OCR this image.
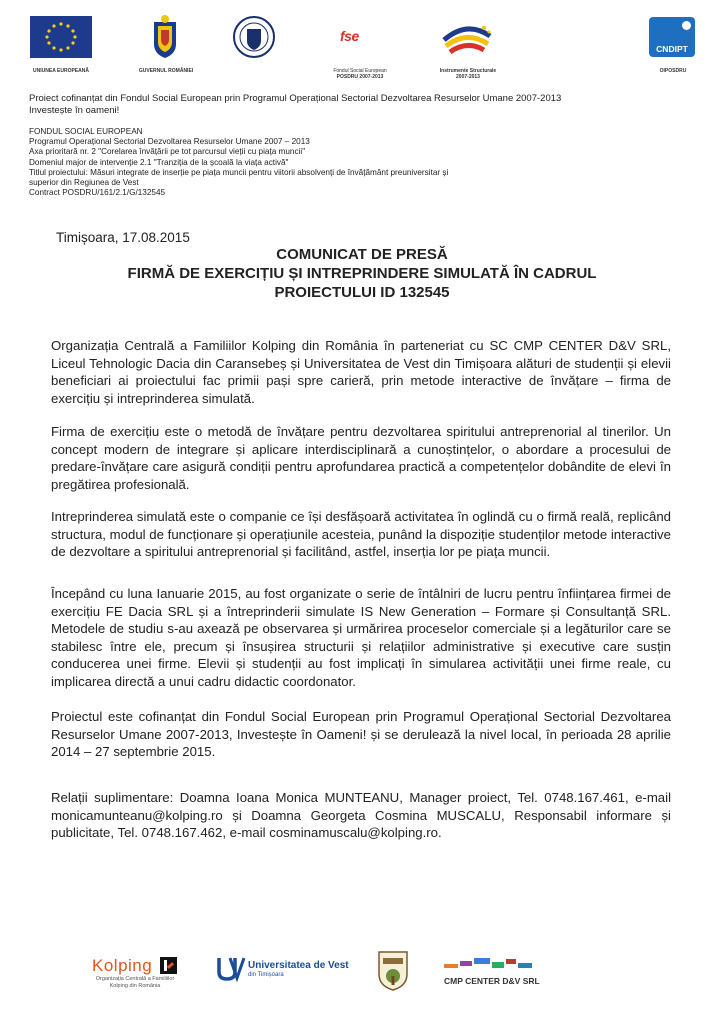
UNIUNEA EUROPEANĂ	GUVERNUL ROMÂNIEI
fse
Fondul Social European
POSDRU 2007-2013
Instrumente Structurale
2007-2013
CNDIPT
OIPOSDRU
Proiect cofinanțat din Fondul Social European prin Programul Operațional Sectorial Dezvoltarea Resurselor Umane 2007-2013
Investește în oameni!
FONDUL SOCIAL EUROPEAN
Programul Operațional Sectorial Dezvoltarea Resurselor Umane 2007 – 2013
Axa prioritară nr. 2 "Corelarea învățării pe tot parcursul vieții cu piața muncii"
Domeniul major de intervenție 2.1 "Tranziția de la școală la viața activă"
Titlul proiectului: Măsuri integrate de inserție pe piața muncii pentru viitorii absolvenți de învățământ preuniversitar și
superior din Regiunea de Vest
Contract POSDRU/161/2.1/G/132545
Timișoara, 17.08.2015
COMUNICAT DE PRESĂ
FIRMĂ DE EXERCIȚIU ȘI INTREPRINDERE SIMULATĂ ÎN CADRUL
PROIECTULUI ID 132545
Organizația Centrală a Familiilor Kolping din România în parteneriat cu SC CMP CENTER D&V SRL, Liceul Tehnologic Dacia din Caransebeș și Universitatea de Vest din Timișoara alături de studenții și elevii beneficiari ai proiectului fac primii pași spre carieră, prin metode interactive de învățare – firma de exercițiu și intreprinderea simulată.
Firma de exercițiu este o metodă de învățare pentru dezvoltarea spiritului antreprenorial al tinerilor. Un concept modern de integrare și aplicare interdisciplinară a cunoștințelor, o abordare a procesului de predare-învățare care asigură condiții pentru aprofundarea practică a competențelor dobândite de elevi în pregătirea profesională.
Intreprinderea simulată este o companie ce își desfășoară activitatea în oglindă cu o firmă reală, replicând structura, modul de funcționare și operațiunile acesteia, punând la dispoziție studenților metode interactive de dezvoltare a spiritului antreprenorial și facilitând, astfel, inserția lor pe piața muncii.
Începând cu luna Ianuarie 2015, au fost organizate o serie de întâlniri de lucru pentru înființarea firmei de exercițiu FE Dacia SRL și a întreprinderii simulate IS New Generation – Formare și Consultanță SRL. Metodele de studiu s-au axează pe observarea și urmărirea proceselor comerciale și a legăturilor care se stabilesc între ele, precum și însușirea structurii și relațiilor administrative și executive care susțin conducerea unei firme. Elevii și studenții au fost implicați în simularea activității unei firme reale, cu implicarea directă a unui cadru didactic coordonator.
Proiectul este cofinanțat din Fondul Social European prin Programul Operațional Sectorial Dezvoltarea Resurselor Umane 2007-2013, Investește în Oameni! și se derulează la nivel local, în perioada 28 aprilie 2014 – 27 septembrie 2015.
Relații suplimentare: Doamna Ioana Monica MUNTEANU, Manager proiect, Tel. 0748.167.461, e-mail monicamunteanu@kolping.ro și Doamna Georgeta Cosmina MUSCALU, Responsabil informare și publicitate, Tel. 0748.167.462, e-mail cosminamuscalu@kolping.ro.
Kolping
Organizația Centrală a Familiilor
Kolping din România
Universitatea de Vest
din Timișoara
CMP CENTER D&V SRL
